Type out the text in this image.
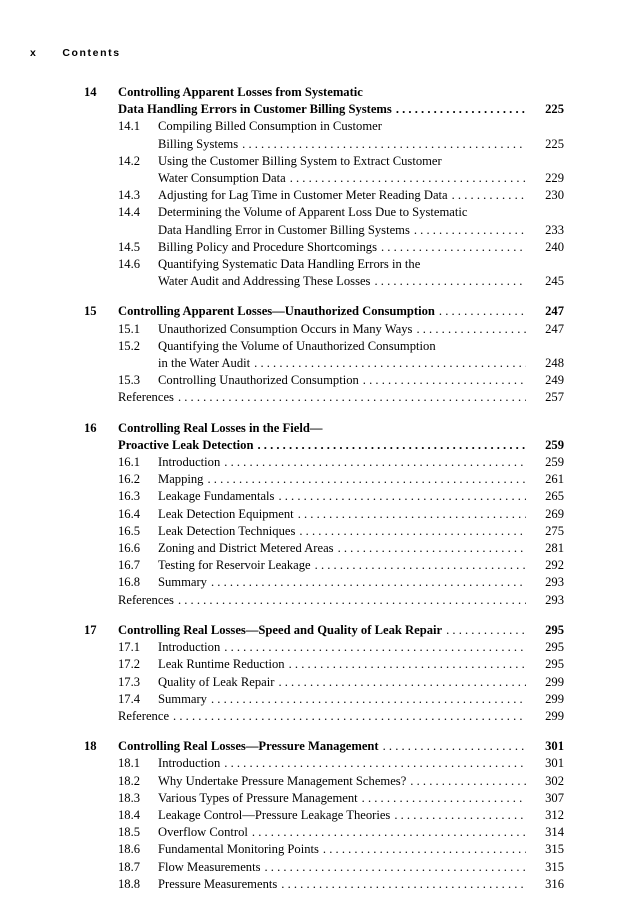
x Contents
14	Controlling Apparent Losses from Systematic
Data Handling Errors in Customer Billing Systems . . .	225
14.1	Compiling Billed Consumption in Customer
Billing Systems . . .	225
14.2	Using the Customer Billing System to Extract Customer
Water Consumption Data . . .	229
14.3	Adjusting for Lag Time in Customer Meter Reading Data . . .	230
14.4	Determining the Volume of Apparent Loss Due to Systematic
Data Handling Error in Customer Billing Systems . . .	233
14.5	Billing Policy and Procedure Shortcomings . . .	240
14.6	Quantifying Systematic Data Handling Errors in the
Water Audit and Addressing These Losses . . .	245
15	Controlling Apparent Losses—Unauthorized Consumption . . .	247
15.1	Unauthorized Consumption Occurs in Many Ways . . .	247
15.2	Quantifying the Volume of Unauthorized Consumption
in the Water Audit . . .	248
15.3	Controlling Unauthorized Consumption . . .	249
References . . .	257
16	Controlling Real Losses in the Field—
Proactive Leak Detection . . .	259
16.1	Introduction . . .	259
16.2	Mapping . . .	261
16.3	Leakage Fundamentals . . .	265
16.4	Leak Detection Equipment . . .	269
16.5	Leak Detection Techniques . . .	275
16.6	Zoning and District Metered Areas . . .	281
16.7	Testing for Reservoir Leakage . . .	292
16.8	Summary . . .	293
References . . .	293
17	Controlling Real Losses—Speed and Quality of Leak Repair . . .	295
17.1	Introduction . . .	295
17.2	Leak Runtime Reduction . . .	295
17.3	Quality of Leak Repair . . .	299
17.4	Summary . . .	299
Reference . . .	299
18	Controlling Real Losses—Pressure Management . . .	301
18.1	Introduction . . .	301
18.2	Why Undertake Pressure Management Schemes? . . .	302
18.3	Various Types of Pressure Management . . .	307
18.4	Leakage Control—Pressure Leakage Theories . . .	312
18.5	Overflow Control . . .	314
18.6	Fundamental Monitoring Points . . .	315
18.7	Flow Measurements . . .	315
18.8	Pressure Measurements . . .	316
